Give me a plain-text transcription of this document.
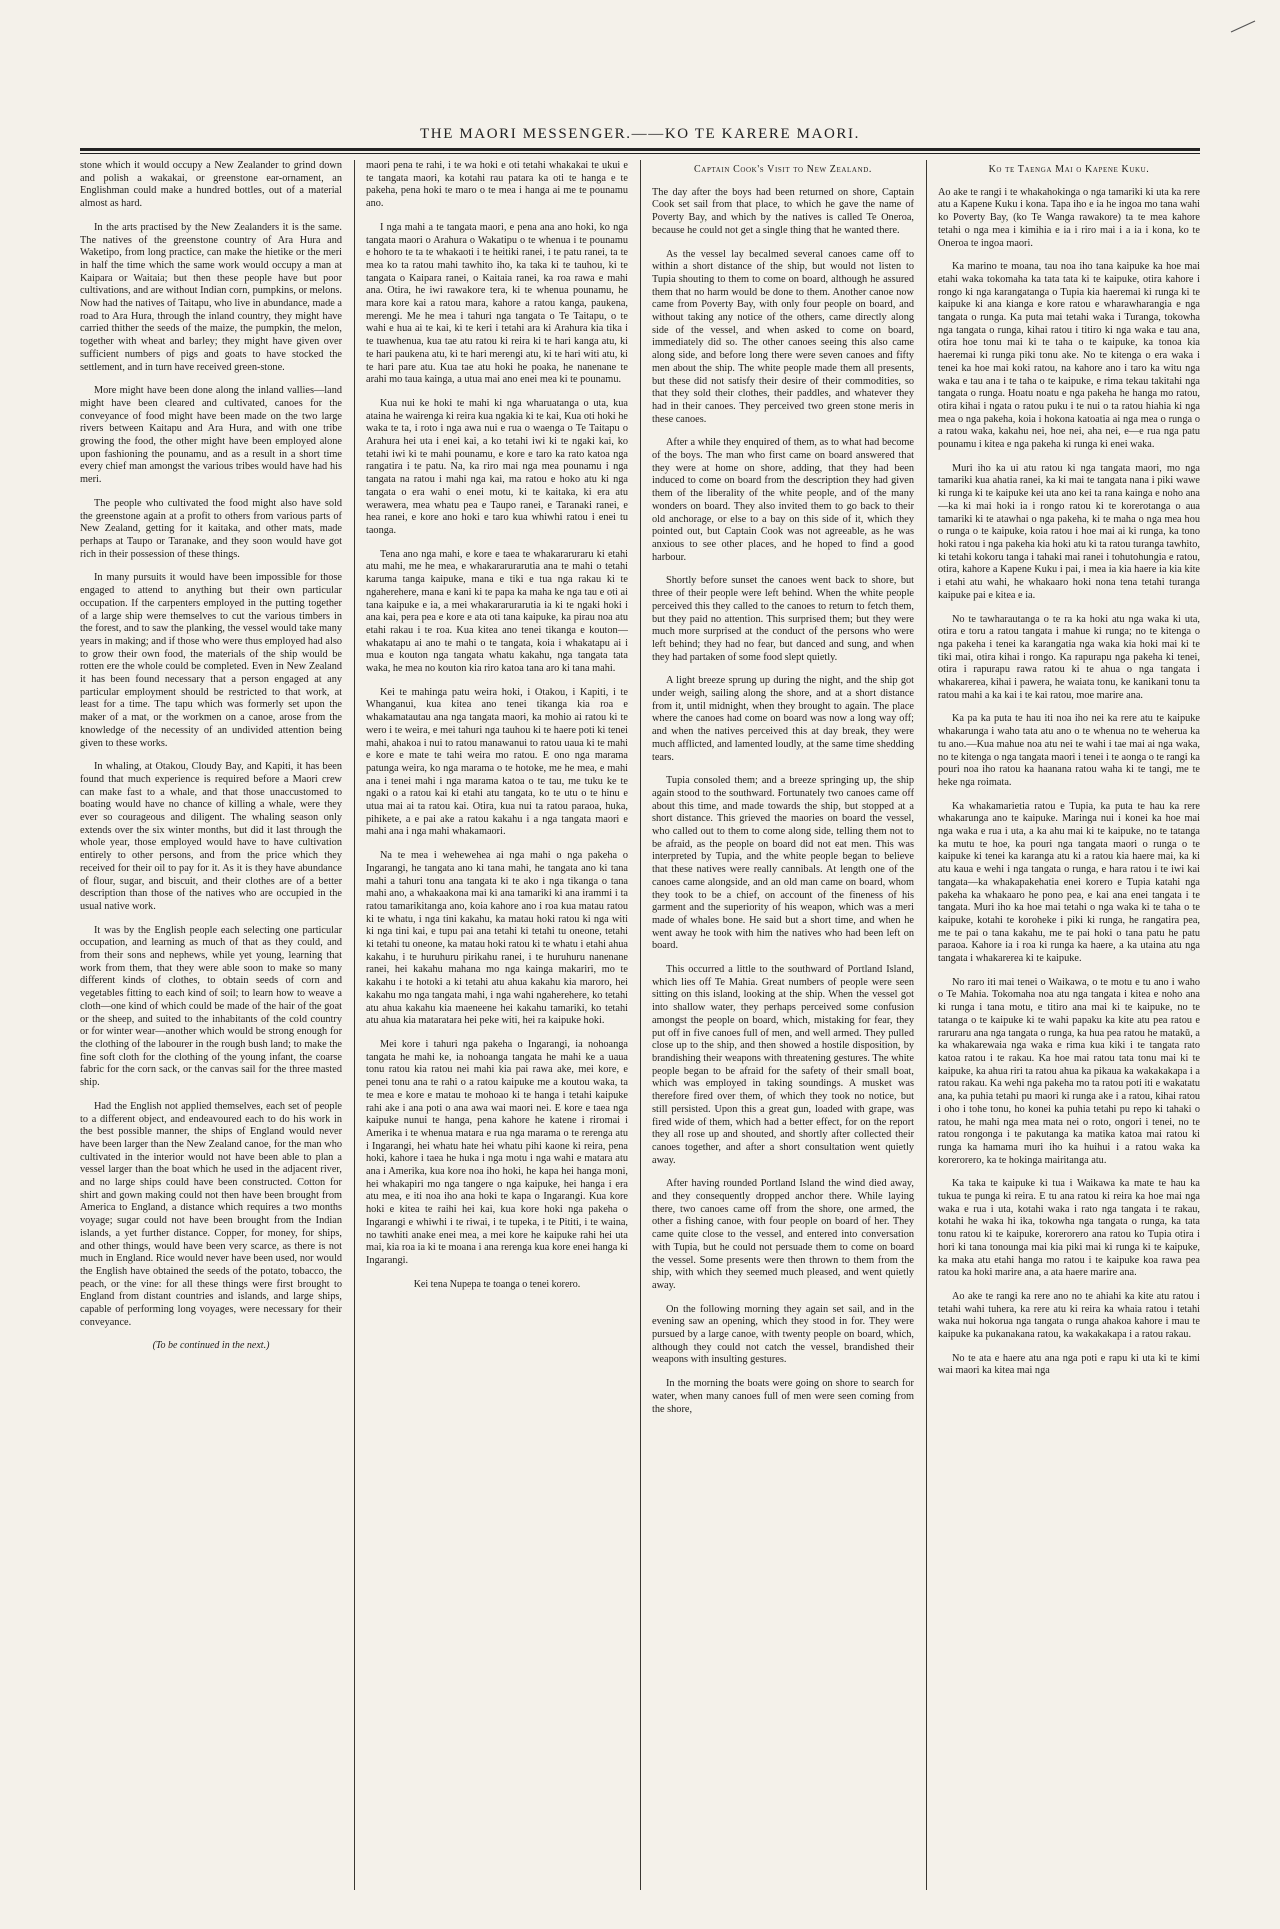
THE MAORI MESSENGER.——KO TE KARERE MAORI.

stone which it would occupy a New Zealander to grind down and polish a wakakai, or greenstone ear-ornament, an Englishman could make a hundred bottles, out of a material almost as hard.

In the arts practised by the New Zealanders it is the same. The natives of the greenstone country of Ara Hura and Waketipo, from long practice, can make the hietike or the meri in half the time which the same work would occupy a man at Kaipara or Waitaia; but then these people have but poor cultivations, and are without Indian corn, pumpkins, or melons. Now had the natives of Taitapu, who live in abundance, made a road to Ara Hura, through the inland country, they might have carried thither the seeds of the maize, the pumpkin, the melon, together with wheat and barley; they might have given over sufficient numbers of pigs and goats to have stocked the settlement, and in turn have received green-stone.

More might have been done along the inland vallies—land might have been cleared and cultivated, canoes for the conveyance of food might have been made on the two large rivers between Kaitapu and Ara Hura, and with one tribe growing the food, the other might have been employed alone upon fashioning the pounamu, and as a result in a short time every chief man amongst the various tribes would have had his meri.

The people who cultivated the food might also have sold the greenstone again at a profit to others from various parts of New Zealand, getting for it kaitaka, and other mats, made perhaps at Taupo or Taranake, and they soon would have got rich in their possession of these things.

In many pursuits it would have been impossible for those engaged to attend to anything but their own particular occupation. If the carpenters employed in the putting together of a large ship were themselves to cut the various timbers in the forest, and to saw the planking, the vessel would take many years in making; and if those who were thus employed had also to grow their own food, the materials of the ship would be rotten ere the whole could be completed. Even in New Zealand it has been found necessary that a person engaged at any particular employment should be restricted to that work, at least for a time. The tapu which was formerly set upon the maker of a mat, or the workmen on a canoe, arose from the knowledge of the necessity of an undivided attention being given to these works.

In whaling, at Otakou, Cloudy Bay, and Kapiti, it has been found that much experience is required before a Maori crew can make fast to a whale, and that those unaccustomed to boating would have no chance of killing a whale, were they ever so courageous and diligent. The whaling season only extends over the six winter months, but did it last through the whole year, those employed would have to have cultivation entirely to other persons, and from the price which they received for their oil to pay for it. As it is they have abundance of flour, sugar, and biscuit, and their clothes are of a better description than those of the natives who are occupied in the usual native work.

It was by the English people each selecting one particular occupation, and learning as much of that as they could, and from their sons and nephews, while yet young, learning that work from them, that they were able soon to make so many different kinds of clothes, to obtain seeds of corn and vegetables fitting to each kind of soil; to learn how to weave a cloth—one kind of which could be made of the hair of the goat or the sheep, and suited to the inhabitants of the cold country or for winter wear—another which would be strong enough for the clothing of the labourer in the rough bush land; to make the fine soft cloth for the clothing of the young infant, the coarse fabric for the corn sack, or the canvas sail for the three masted ship.

Had the English not applied themselves, each set of people to a different object, and endeavoured each to do his work in the best possible manner, the ships of England would never have been larger than the New Zealand canoe, for the man who cultivated in the interior would not have been able to plan a vessel larger than the boat which he used in the adjacent river, and no large ships could have been constructed. Cotton for shirt and gown making could not then have been brought from America to England, a distance which requires a two months voyage; sugar could not have been brought from the Indian islands, a yet further distance. Copper, for money, for ships, and other things, would have been very scarce, as there is not much in England. Rice would never have been used, nor would the English have obtained the seeds of the potato, tobacco, the peach, or the vine: for all these things were first brought to England from distant countries and islands, and large ships, capable of performing long voyages, were necessary for their conveyance.

(To be continued in the next.)

maori pena te rahi, i te wa hoki e oti tetahi whakakai te ukui e te tangata maori, ka kotahi rau patara ka oti te hanga e te pakeha, pena hoki te maro o te mea i hanga ai me te pounamu ano.

I nga mahi a te tangata maori, e pena ana ano hoki, ko nga tangata maori o Arahura o Wakatipu o te whenua i te pounamu e hohoro te ta te whakaoti i te heitiki ranei, i te patu ranei, ta te mea ko ta ratou mahi tawhito iho, ka taka ki te tauhou, ki te tangata o Kaipara ranei, o Kaitaia ranei, ka roa rawa e mahi ana. Otira, he iwi rawakore tera, ki te whenua pounamu, he mara kore kai a ratou mara, kahore a ratou kanga, paukena, merengi. Me he mea i tahuri nga tangata o Te Taitapu, o te wahi e hua ai te kai, ki te keri i tetahi ara ki Arahura kia tika i te tuawhenua, kua tae atu ratou ki reira ki te hari kanga atu, ki te hari paukena atu, ki te hari merengi atu, ki te hari witi atu, ki te hari pare atu. Kua tae atu hoki he poaka, he nanenane te arahi mo taua kainga, a utua mai ano enei mea ki te pounamu.

Kua nui ke hoki te mahi ki nga wharuatanga o uta, kua ataina he wairenga ki reira kua ngakia ki te kai, Kua oti hoki he waka te ta, i roto i nga awa nui e rua o waenga o Te Taitapu o Arahura hei uta i enei kai, a ko tetahi iwi ki te ngaki kai, ko tetahi iwi ki te mahi pounamu, e kore e taro ka rato katoa nga rangatira i te patu. Na, ka riro mai nga mea pounamu i nga tangata na ratou i mahi nga kai, ma ratou e hoko atu ki nga tangata o era wahi o enei motu, ki te kaitaka, ki era atu werawera, mea whatu pea e Taupo ranei, e Taranaki ranei, e hea ranei, e kore ano hoki e taro kua whiwhi ratou i enei tu taonga.

Tena ano nga mahi, e kore e taea te whakararuraru ki etahi atu mahi, me he mea, e whakararurarutia ana te mahi o tetahi karuma tanga kaipuke, mana e tiki e tua nga rakau ki te ngaherehere, mana e kani ki te papa ka maha ke nga tau e oti ai tana kaipuke e ia, a mei whakararurarutia ia ki te ngaki hoki i ana kai, pera pea e kore e ata oti tana kaipuke, ka pirau noa atu etahi rakau i te roa. Kua kitea ano tenei tikanga e kouton—whakatapu ai ano te mahi o te tangata, koia i whakatapu ai i mua e kouton nga tangata whatu kakahu, nga tangata tata waka, he mea no kouton kia riro katoa tana aro ki tana mahi.

Kei te mahinga patu weira hoki, i Otakou, i Kapiti, i te Whanganui, kua kitea ano tenei tikanga kia roa e whakamatautau ana nga tangata maori, ka mohio ai ratou ki te wero i te weira, e mei tahuri nga tauhou ki te haere poti ki tenei mahi, ahakoa i nui to ratou manawanui to ratou uaua ki te mahi e kore e mate te tahi weira mo ratou. E ono nga marama patunga weira, ko nga marama o te hotoke, me he mea, e mahi ana i tenei mahi i nga marama katoa o te tau, me tuku ke te ngaki o a ratou kai ki etahi atu tangata, ko te utu o te hinu e utua mai ai ta ratou kai. Otira, kua nui ta ratou paraoa, huka, pihikete, a e pai ake a ratou kakahu i a nga tangata maori e mahi ana i nga mahi whakamaori.

Na te mea i wehewehea ai nga mahi o nga pakeha o Ingarangi, he tangata ano ki tana mahi, he tangata ano ki tana mahi a tahuri tonu ana tangata ki te ako i nga tikanga o tana mahi ano, a whakaakona mai ki ana tamariki ki ana irammi i ta ratou tamarikitanga ano, koia kahore ano i roa kua matau ratou ki te whatu, i nga tini kakahu, ka matau hoki ratou ki nga witi ki nga tini kai, e tupu pai ana tetahi ki tetahi tu oneone, tetahi ki tetahi tu oneone, ka matau hoki ratou ki te whatu i etahi ahua kakahu, i te huruhuru pirikahu ranei, i te huruhuru nanenane ranei, hei kakahu mahana mo nga kainga makariri, mo te kakahu i te hotoki a ki tetahi atu ahua kakahu kia maroro, hei kakahu mo nga tangata mahi, i nga wahi ngaherehere, ko tetahi atu ahua kakahu kia maeneene hei kakahu tamariki, ko tetahi atu ahua kia mataratara hei peke witi, hei ra kaipuke hoki.

Mei kore i tahuri nga pakeha o Ingarangi, ia nohoanga tangata he mahi ke, ia nohoanga tangata he mahi ke a uaua tonu ratou kia ratou nei mahi kia pai rawa ake, mei kore, e penei tonu ana te rahi o a ratou kaipuke me a koutou waka, ta te mea e kore e matau te mohoao ki te hanga i tetahi kaipuke rahi ake i ana poti o ana awa wai maori nei. E kore e taea nga kaipuke nunui te hanga, pena kahore he katene i riromai i Amerika i te whenua matara e rua nga marama o te rerenga atu i Ingarangi, hei whatu hate hei whatu pihi kaone ki reira, pena hoki, kahore i taea he huka i nga motu i nga wahi e matara atu ana i Amerika, kua kore noa iho hoki, he kapa hei hanga moni, hei whakapiri mo nga tangere o nga kaipuke, hei hanga i era atu mea, e iti noa iho ana hoki te kapa o Ingarangi. Kua kore hoki e kitea te raihi hei kai, kua kore hoki nga pakeha o Ingarangi e whiwhi i te riwai, i te tupeka, i te Pititi, i te waina, no tawhiti anake enei mea, a mei kore he kaipuke rahi hei uta mai, kia roa ia ki te moana i ana rerenga kua kore enei hanga ki Ingarangi.

Kei tena Nupepa te toanga o tenei korero.
Captain Cook's Visit to New Zealand.

The day after the boys had been returned on shore, Captain Cook set sail from that place, to which he gave the name of Poverty Bay, and which by the natives is called Te Oneroa, because he could not get a single thing that he wanted there.

As the vessel lay becalmed several canoes came off to within a short distance of the ship, but would not listen to Tupia shouting to them to come on board, although he assured them that no harm would be done to them. Another canoe now came from Poverty Bay, with only four people on board, and without taking any notice of the others, came directly along side of the vessel, and when asked to come on board, immediately did so. The other canoes seeing this also came along side, and before long there were seven canoes and fifty men about the ship. The white people made them all presents, but these did not satisfy their desire of their commodities, so that they sold their clothes, their paddles, and whatever they had in their canoes. They perceived two green stone meris in these canoes.

After a while they enquired of them, as to what had become of the boys. The man who first came on board answered that they were at home on shore, adding, that they had been induced to come on board from the description they had given them of the liberality of the white people, and of the many wonders on board. They also invited them to go back to their old anchorage, or else to a bay on this side of it, which they pointed out, but Captain Cook was not agreeable, as he was anxious to see other places, and he hoped to find a good harbour.

Shortly before sunset the canoes went back to shore, but three of their people were left behind. When the white people perceived this they called to the canoes to return to fetch them, but they paid no attention. This surprised them; but they were much more surprised at the conduct of the persons who were left behind; they had no fear, but danced and sung, and when they had partaken of some food slept quietly.

A light breeze sprung up during the night, and the ship got under weigh, sailing along the shore, and at a short distance from it, until midnight, when they brought to again. The place where the canoes had come on board was now a long way off; and when the natives perceived this at day break, they were much afflicted, and lamented loudly, at the same time shedding tears.

Tupia consoled them; and a breeze springing up, the ship again stood to the southward. Fortunately two canoes came off about this time, and made towards the ship, but stopped at a short distance. This grieved the maories on board the vessel, who called out to them to come along side, telling them not to be afraid, as the people on board did not eat men. This was interpreted by Tupia, and the white people began to believe that these natives were really cannibals. At length one of the canoes came alongside, and an old man came on board, whom they took to be a chief, on account of the fineness of his garment and the superiority of his weapon, which was a meri made of whales bone. He said but a short time, and when he went away he took with him the natives who had been left on board.

This occurred a little to the southward of Portland Island, which lies off Te Mahia. Great numbers of people were seen sitting on this island, looking at the ship. When the vessel got into shallow water, they perhaps perceived some confusion amongst the people on board, which, mistaking for fear, they put off in five canoes full of men, and well armed. They pulled close up to the ship, and then showed a hostile disposition, by brandishing their weapons with threatening gestures. The white people began to be afraid for the safety of their small boat, which was employed in taking soundings. A musket was therefore fired over them, of which they took no notice, but still persisted. Upon this a great gun, loaded with grape, was fired wide of them, which had a better effect, for on the report they all rose up and shouted, and shortly after collected their canoes together, and after a short consultation went quietly away.

After having rounded Portland Island the wind died away, and they consequently dropped anchor there. While laying there, two canoes came off from the shore, one armed, the other a fishing canoe, with four people on board of her. They came quite close to the vessel, and entered into conversation with Tupia, but he could not persuade them to come on board the vessel. Some presents were then thrown to them from the ship, with which they seemed much pleased, and went quietly away.

On the following morning they again set sail, and in the evening saw an opening, which they stood in for. They were pursued by a large canoe, with twenty people on board, which, although they could not catch the vessel, brandished their weapons with insulting gestures.

In the morning the boats were going on shore to search for water, when many canoes full of men were seen coming from the shore,

Ko te Taenga Mai o Kapene Kuku.

Ao ake te rangi i te whakahokinga o nga tamariki ki uta ka rere atu a Kapene Kuku i kona. Tapa iho e ia he ingoa mo tana wahi ko Poverty Bay, (ko Te Wanga rawakore) ta te mea kahore tetahi o nga mea i kimihia e ia i riro mai i a ia i kona, ko te Oneroa te ingoa maori.

Ka marino te moana, tau noa iho tana kaipuke ka hoe mai etahi waka tokomaha ka tata tata ki te kaipuke, otira kahore i rongo ki nga karangatanga o Tupia kia haeremai ki runga ki te kaipuke ki ana kianga e kore ratou e wharawharangia e nga tangata o runga. Ka puta mai tetahi waka i Turanga, tokowha nga tangata o runga, kihai ratou i titiro ki nga waka e tau ana, otira hoe tonu mai ki te taha o te kaipuke, ka tonoa kia haeremai ki runga piki tonu ake. No te kitenga o era waka i tenei ka hoe mai koki ratou, na kahore ano i taro ka witu nga waka e tau ana i te taha o te kaipuke, e rima tekau takitahi nga tangata o runga. Hoatu noatu e nga pakeha he hanga mo ratou, otira kihai i ngata o ratou puku i te nui o ta ratou hiahia ki nga mea o nga pakeha, koia i hokona katoatia ai nga mea o runga o a ratou waka, kakahu nei, hoe nei, aha nei, e—e rua nga patu pounamu i kitea e nga pakeha ki runga ki enei waka.

Muri iho ka ui atu ratou ki nga tangata maori, mo nga tamariki kua ahatia ranei, ka ki mai te tangata nana i piki wawe ki runga ki te kaipuke kei uta ano kei ta rana kainga e noho ana—ka ki mai hoki ia i rongo ratou ki te korerotanga o aua tamariki ki te atawhai o nga pakeha, ki te maha o nga mea hou o runga o te kaipuke, koia ratou i hoe mai ai ki runga, ka tono hoki ratou i nga pakeha kia hoki atu ki ta ratou turanga tawhito, ki tetahi kokoru tanga i tahaki mai ranei i tohutohungia e ratou, otira, kahore a Kapene Kuku i pai, i mea ia kia haere ia kia kite i etahi atu wahi, he whakaaro hoki nona tena tetahi turanga kaipuke pai e kitea e ia.

No te tawharautanga o te ra ka hoki atu nga waka ki uta, otira e toru a ratou tangata i mahue ki runga; no te kitenga o nga pakeha i tenei ka karangatia nga waka kia hoki mai ki te tiki mai, otira kihai i rongo. Ka rapurapu nga pakeha ki tenei, otira i rapurapu rawa ratou ki te ahua o nga tangata i whakarerea, kihai i pawera, he waiata tonu, ke kanikani tonu ta ratou mahi a ka kai i te kai ratou, moe marire ana.

Ka pa ka puta te hau iti noa iho nei ka rere atu te kaipuke whakarunga i waho tata atu ano o te whenua no te weherua ka tu ano.—Kua mahue noa atu nei te wahi i tae mai ai nga waka, no te kitenga o nga tangata maori i tenei i te aonga o te rangi ka pouri noa iho ratou ka haanana ratou waha ki te tangi, me te heke nga roimata.

Ka whakamarietia ratou e Tupia, ka puta te hau ka rere whakarunga ano te kaipuke. Maringa nui i konei ka hoe mai nga waka e rua i uta, a ka ahu mai ki te kaipuke, no te tatanga ka mutu te hoe, ka pouri nga tangata maori o runga o te kaipuke ki tenei ka karanga atu ki a ratou kia haere mai, ka ki atu kaua e wehi i nga tangata o runga, e hara ratou i te iwi kai tangata—ka whakapakehatia enei korero e Tupia katahi nga pakeha ka whakaaro he pono pea, e kai ana enei tangata i te tangata. Muri iho ka hoe mai tetahi o nga waka ki te taha o te kaipuke, kotahi te koroheke i piki ki runga, he rangatira pea, me te pai o tana kakahu, me te pai hoki o tana patu he patu paraoa. Kahore ia i roa ki runga ka haere, a ka utaina atu nga tangata i whakarerea ki te kaipuke.

No raro iti mai tenei o Waikawa, o te motu e tu ano i waho o Te Mahia. Tokomaha noa atu nga tangata i kitea e noho ana ki runga i tana motu, e titiro ana mai ki te kaipuke, no te tatanga o te kaipuke ki te wahi papaku ka kite atu pea ratou e raruraru ana nga tangata o runga, ka hua pea ratou he matakū, a ka whakarewaia nga waka e rima kua kiki i te tangata rato katoa ratou i te rakau. Ka hoe mai ratou tata tonu mai ki te kaipuke, ka ahua riri ta ratou ahua ka pikaua ka wakakakapa i a ratou rakau. Ka wehi nga pakeha mo ta ratou poti iti e wakatatu ana, ka puhia tetahi pu maori ki runga ake i a ratou, kihai ratou i oho i tohe tonu, ho konei ka puhia tetahi pu repo ki tahaki o ratou, he mahi nga mea mata nei o roto, ongori i tenei, no te ratou rongonga i te pakutanga ka matika katoa mai ratou ki runga ka hamama muri iho ka huihui i a ratou waka ka korerorero, ka te hokinga mairitanga atu.

Ka taka te kaipuke ki tua i Waikawa ka mate te hau ka tukua te punga ki reira. E tu ana ratou ki reira ka hoe mai nga waka e rua i uta, kotahi waka i rato nga tangata i te rakau, kotahi he waka hi ika, tokowha nga tangata o runga, ka tata tonu ratou ki te kaipuke, korerorero ana ratou ko Tupia otira i hori ki tana tonounga mai kia piki mai ki runga ki te kaipuke, ka maka atu etahi hanga mo ratou i te kaipuke koa rawa pea ratou ka hoki marire ana, a ata haere marire ana.

Ao ake te rangi ka rere ano no te ahiahi ka kite atu ratou i tetahi wahi tuhera, ka rere atu ki reira ka whaia ratou i tetahi waka nui hokorua nga tangata o runga ahakoa kahore i mau te kaipuke ka pukanakana ratou, ka wakakakapa i a ratou rakau.

No te ata e haere atu ana nga poti e rapu ki uta ki te kimi wai maori ka kitea mai nga
